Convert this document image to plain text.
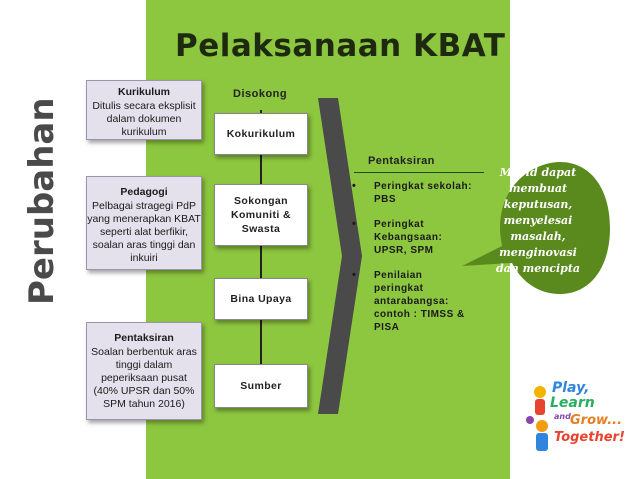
Pelaksanaan KBAT
Perubahan
Kurikulum
Ditulis secara eksplisit
dalam dokumen
kurikulum
Pedagogi
Pelbagai stragegi PdP
yang menerapkan KBAT
seperti alat berfikir,
soalan aras tinggi dan
inkuiri
Pentaksiran
Soalan berbentuk aras
tinggi dalam
peperiksaan pusat
(40% UPSR dan 50%
SPM tahun 2016)
Disokong
Kokurikulum
Sokongan
Komuniti &
Swasta
Bina Upaya
Sumber
Pentaksiran
• Peringkat sekolah:
PBS
• Peringkat
Kebangsaan:
UPSR, SPM
• Penilaian
peringkat
antarabangsa:
contoh : TIMSS &
PISA
Murid dapat
membuat
keputusan,
menyelesai
masalah,
menginovasi
dan mencipta
Play,
Learn
and Grow...
Together!
